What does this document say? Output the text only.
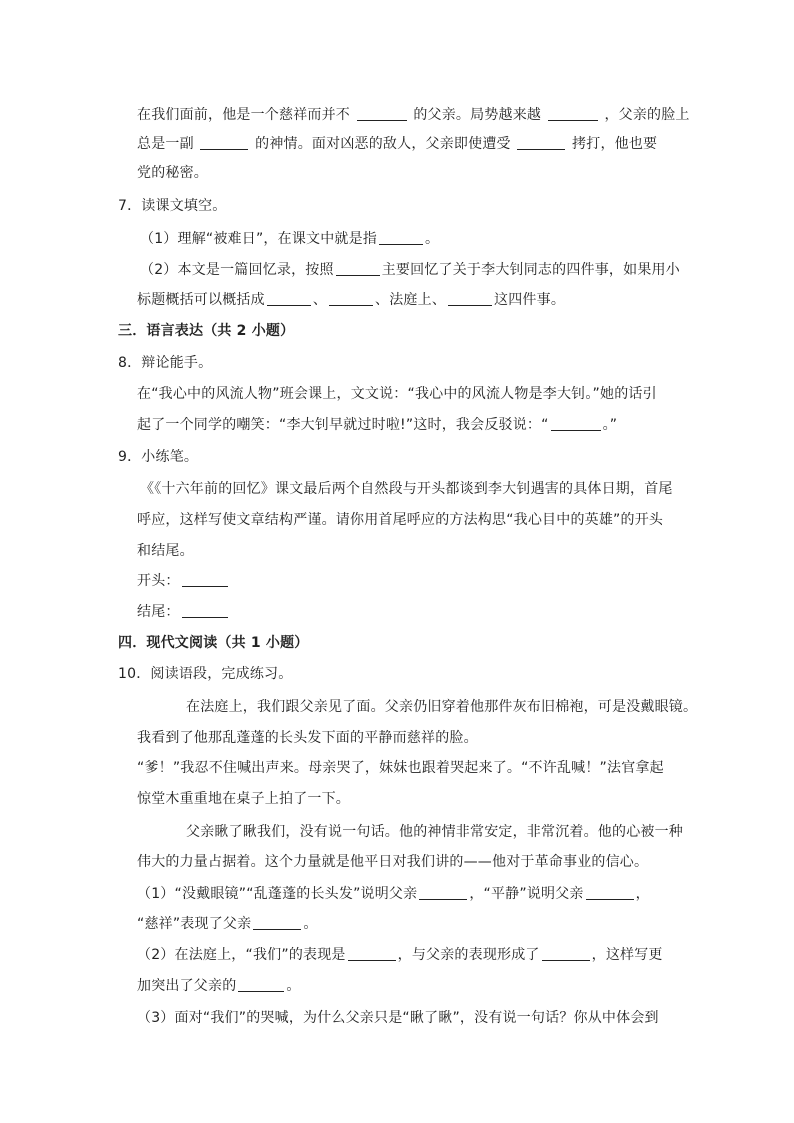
在我们面前，他是一个慈祥而并不	的父亲。局势越来越	，父亲的脸上
总是一副	的神情。面对凶恶的敌人，父亲即使遭受	拷打，他也要
党的秘密。
7．读课文填空。
（1）理解“被难日”，在课文中就是指	。
（2）本文是一篇回忆录，按照	主要回忆了关于李大钊同志的四件事，如果用小
标题概括可以概括成	、	、法庭上、	这四件事。
三．语言表达（共 2 小题）
8．辩论能手。
在“我心中的风流人物”班会课上，文文说：“我心中的风流人物是李大钊。”她的话引
起了一个同学的嘲笑：“李大钊早就过时啦!”这时，我会反驳说：“	。”
9．小练笔。
《《十六年前的回忆》课文最后两个自然段与开头都谈到李大钊遇害的具体日期，首尾
呼应，这样写使文章结构严谨。请你用首尾呼应的方法构思“我心目中的英雄”的开头
和结尾。
开头：
结尾：
四．现代文阅读（共 1 小题）
10．阅读语段，完成练习。
在法庭上，我们跟父亲见了面。父亲仍旧穿着他那件灰布旧棉袍，可是没戴眼镜。
我看到了他那乱蓬蓬的长头发下面的平静而慈祥的脸。
“爹！”我忍不住喊出声来。母亲哭了，妹妹也跟着哭起来了。“不许乱喊！”法官拿起
惊堂木重重地在桌子上拍了一下。
父亲瞅了瞅我们，没有说一句话。他的神情非常安定，非常沉着。他的心被一种
伟大的力量占据着。这个力量就是他平日对我们讲的——他对于革命事业的信心。
（1）“没戴眼镜”“乱蓬蓬的长头发”说明父亲	，“平静”说明父亲	，
“慈祥”表现了父亲	。
（2）在法庭上，“我们”的表现是	，与父亲的表现形成了	，这样写更
加突出了父亲的	。
（3）面对“我们”的哭喊，为什么父亲只是“瞅了瞅”，没有说一句话？你从中体会到
